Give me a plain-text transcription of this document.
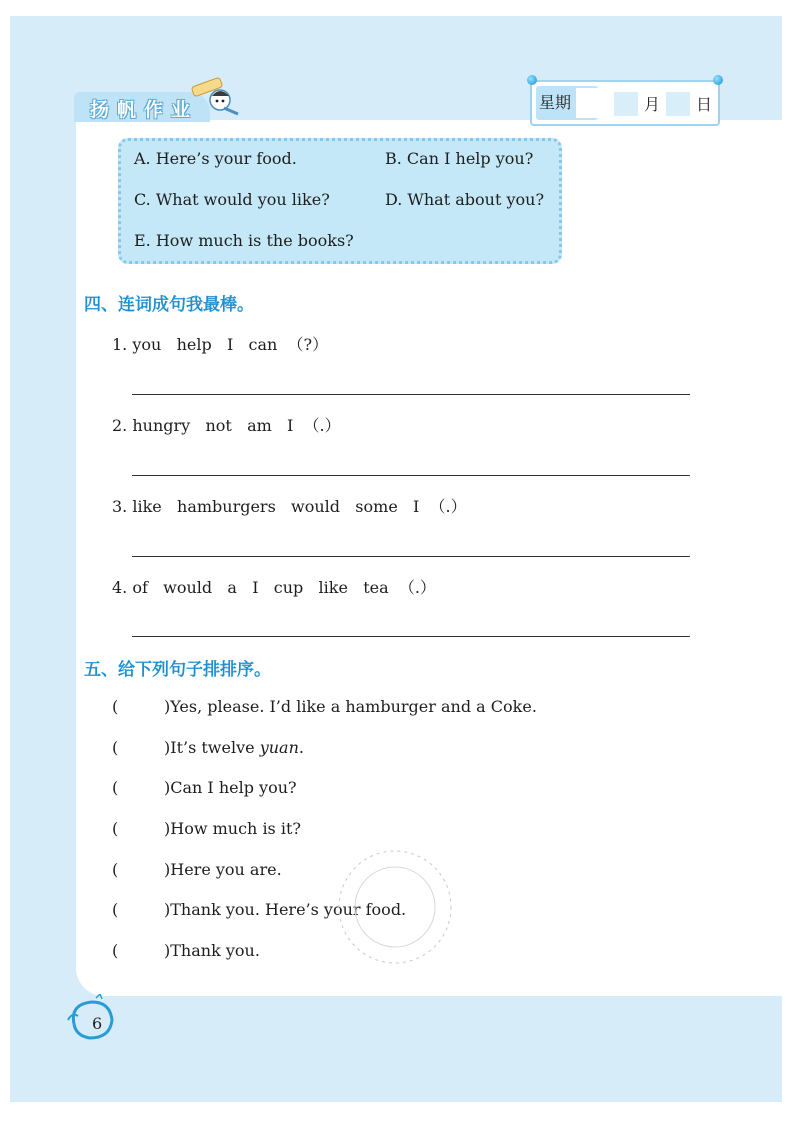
扬帆作业	星期	月 日
A. Here’s your food.	B. Can I help you?
C. What would you like?	D. What about you?
E. How much is the books?
四、连词成句我最棒。
1. you   help   I   can  （?）
2. hungry   not   am   I  （.）
3. like   hamburgers   would   some   I  （.）
4. of   would   a   I   cup   like   tea  （.）
五、给下列句子排排序。
(	)Yes, please. I’d like a hamburger and a Coke.
(	)It’s twelve yuan.
(	)Can I help you?
(	)How much is it?
(	)Here you are.
(	)Thank you. Here’s your food.
(	)Thank you.
6
